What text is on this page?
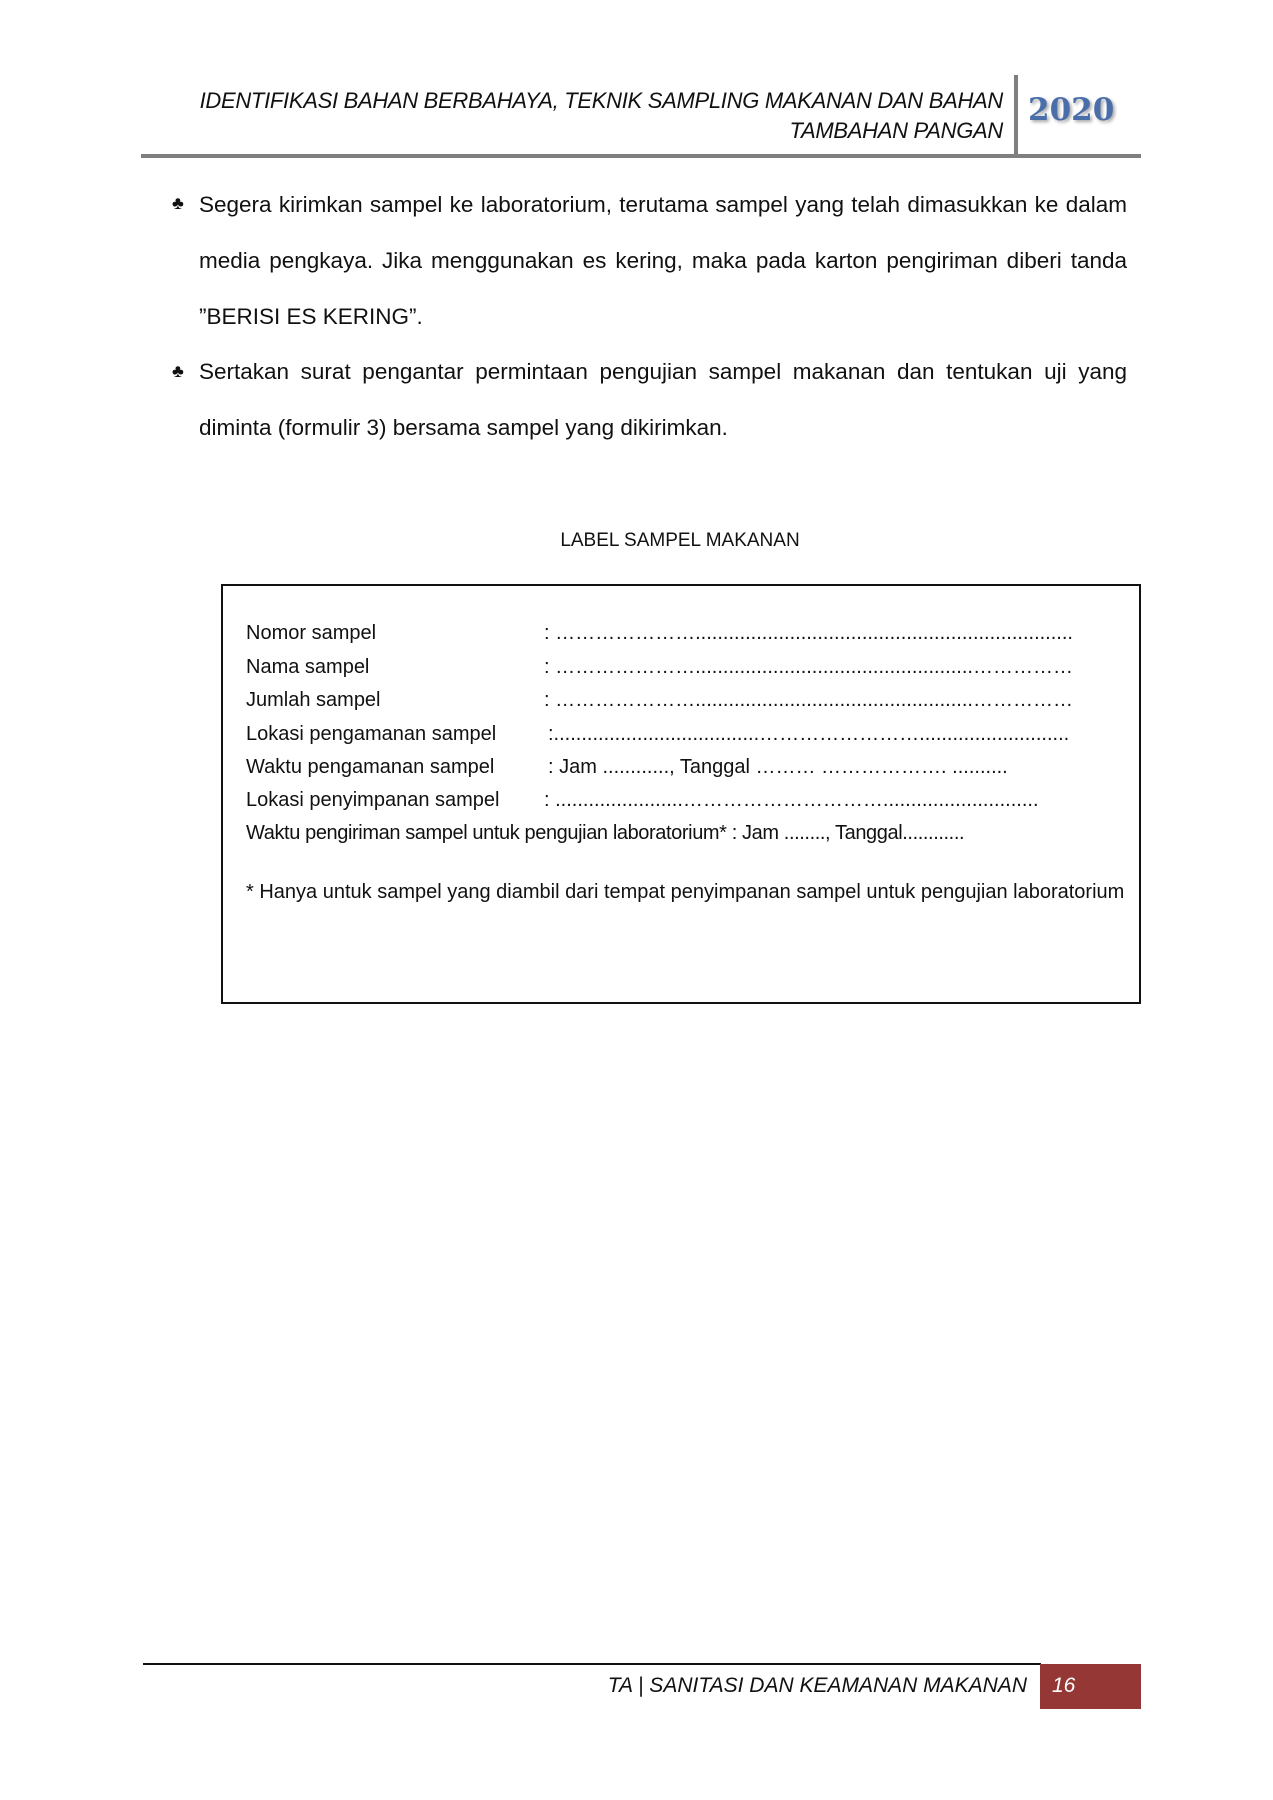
IDENTIFIKASI BAHAN BERBAHAYA, TEKNIK SAMPLING MAKANAN DAN BAHAN
TAMBAHAN PANGAN
2020
♣ Segera kirimkan sampel ke laboratorium, terutama sampel yang telah dimasukkan ke dalam media pengkaya. Jika menggunakan es kering, maka pada karton pengiriman diberi tanda ”BERISI ES KERING”.
♣ Sertakan surat pengantar permintaan pengujian sampel makanan dan tentukan uji yang diminta (formulir 3) bersama sampel yang dikirimkan.
LABEL SAMPEL MAKANAN
Nomor sampel	: …………………....................................................................
Nama sampel	: …………………..................................................……………
Jumlah sampel	: …………………..................................................……………
Lokasi pengamanan sampel	:.....................................……………………...........................
Waktu pengamanan sampel	: Jam ............, Tanggal ……… ………………. ..........
Lokasi penyimpanan sampel : .......................…………………………............................
Waktu pengiriman sampel untuk pengujian laboratorium* : Jam ........, Tanggal............
* Hanya untuk sampel yang diambil dari tempat penyimpanan sampel untuk pengujian laboratorium
TA | SANITASI DAN KEAMANAN MAKANAN 16
